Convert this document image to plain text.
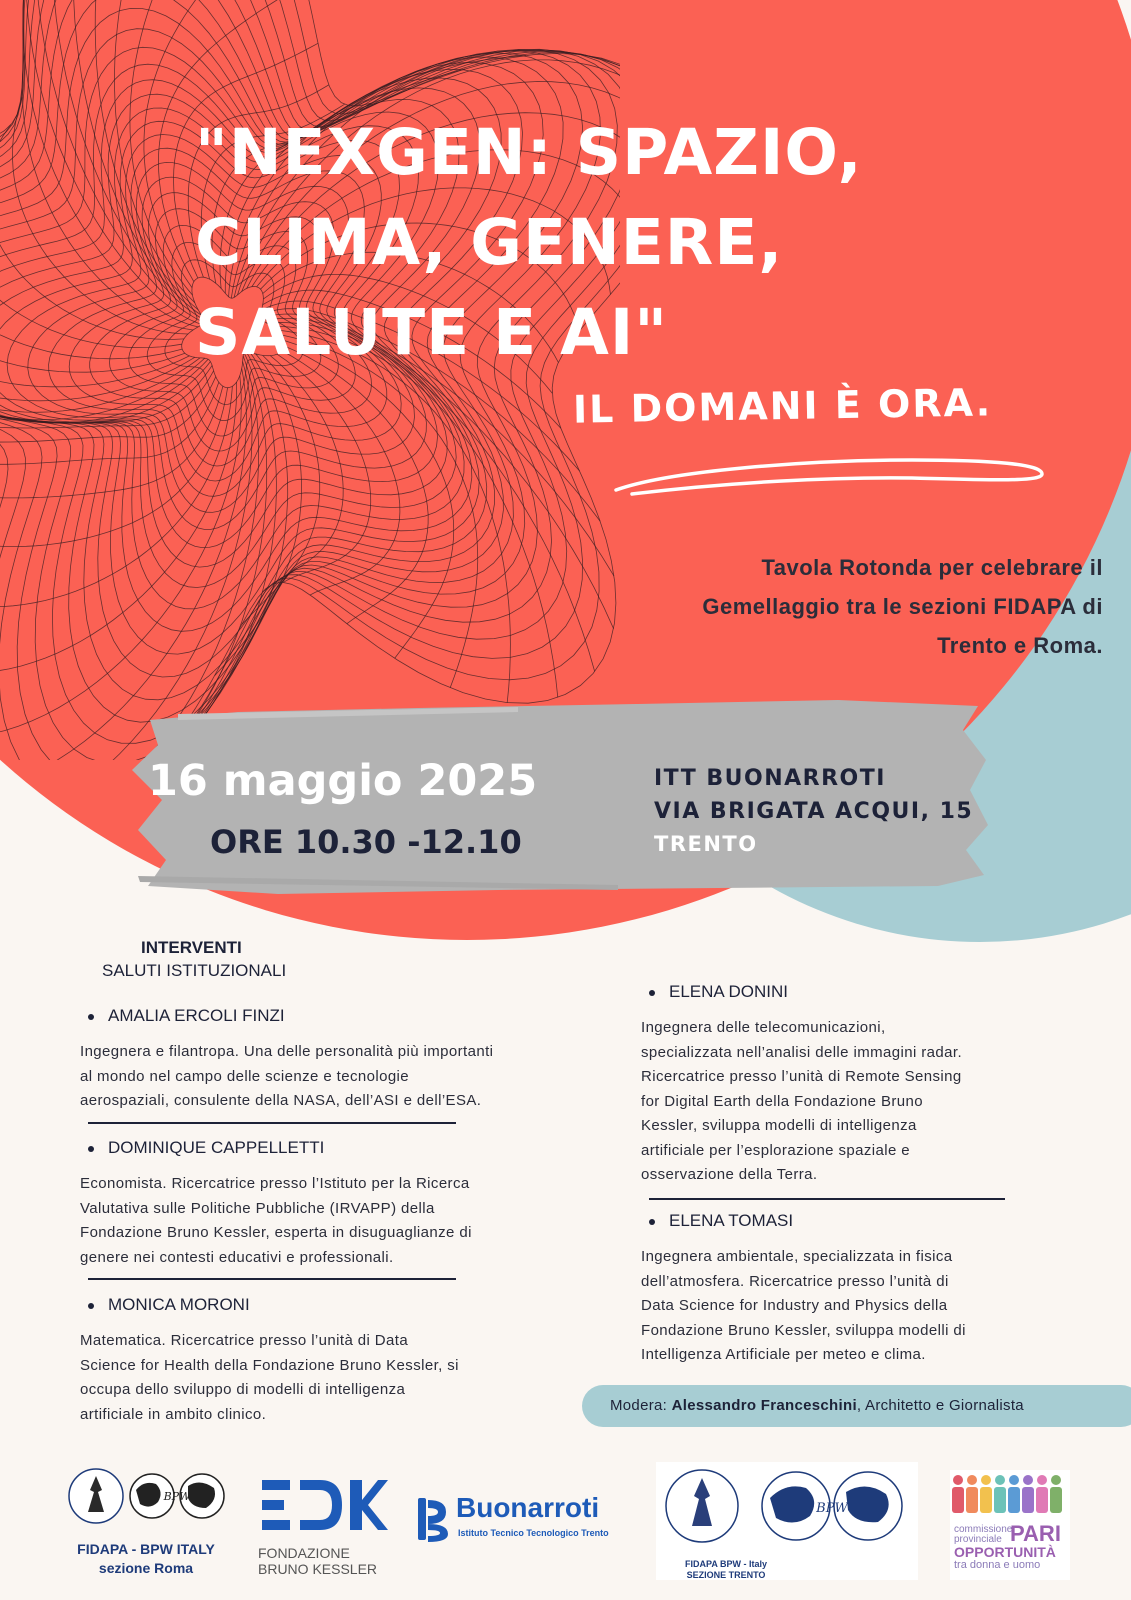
"NEXGEN: SPAZIO,
CLIMA, GENERE,
SALUTE E AI"
IL DOMANI È ORA.
Tavola Rotonda per celebrare il
Gemellaggio tra le sezioni FIDAPA di
Trento e Roma.
16 maggio 2025
ORE 10.30 -12.10
ITT BUONARROTI
VIA BRIGATA ACQUI, 15
TRENTO
INTERVENTI
SALUTI ISTITUZIONALI
AMALIA ERCOLI FINZI
Ingegnera e filantropa. Una delle personalità più importanti
al mondo nel campo delle scienze e tecnologie
aerospaziali, consulente della NASA, dell’ASI e dell’ESA.
DOMINIQUE CAPPELLETTI
Economista. Ricercatrice presso l’Istituto per la Ricerca
Valutativa sulle Politiche Pubbliche (IRVAPP) della
Fondazione Bruno Kessler, esperta in disuguaglianze di
genere nei contesti educativi e professionali.
MONICA MORONI
Matematica. Ricercatrice presso l’unità di Data
Science for Health della Fondazione Bruno Kessler, si
occupa dello sviluppo di modelli di intelligenza
artificiale in ambito clinico.
ELENA DONINI
Ingegnera delle telecomunicazioni,
specializzata nell’analisi delle immagini radar.
Ricercatrice presso l’unità di Remote Sensing
for Digital Earth della Fondazione Bruno
Kessler, sviluppa modelli di intelligenza
artificiale per l’esplorazione spaziale e
osservazione della Terra.
ELENA TOMASI
Ingegnera ambientale, specializzata in fisica
dell’atmosfera. Ricercatrice presso l’unità di
Data Science for Industry and Physics della
Fondazione Bruno Kessler, sviluppa modelli di
Intelligenza Artificiale per meteo e clima.
Modera: Alessandro Franceschini, Architetto e Giornalista
BPW
FIDAPA - BPW ITALY
sezione Roma
FONDAZIONE
BRUNO KESSLER
Buonarroti
Istituto Tecnico Tecnologico Trento
BPW
FIDAPA BPW - Italy
SEZIONE TRENTO
commissione
provinciale PARI
OPPORTUNITÀ
tra donna e uomo
